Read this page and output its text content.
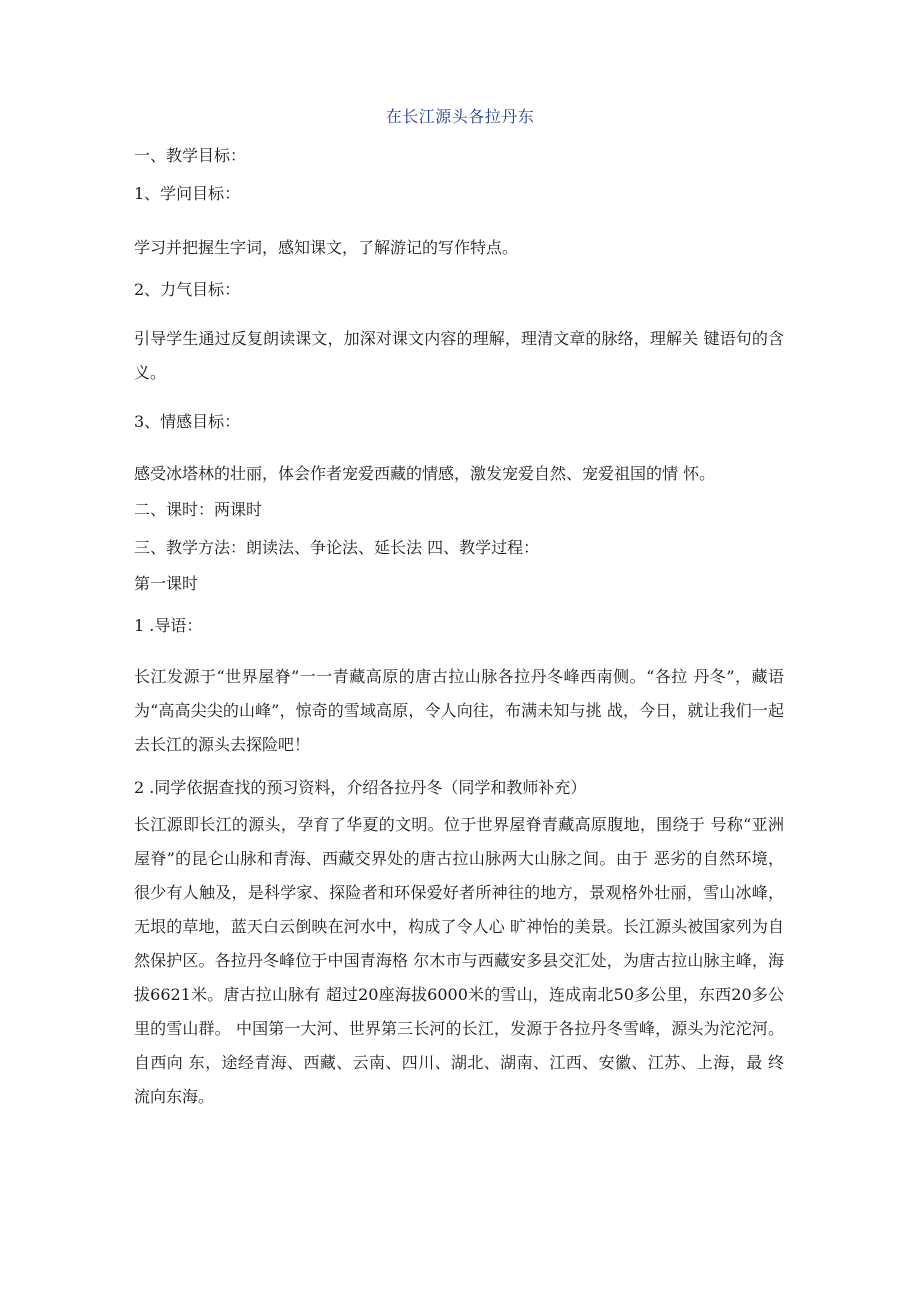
在长江源头各拉丹东
一、教学目标：
1、学问目标：
学习并把握生字词，感知课文，了解游记的写作特点。
2、力气目标：
引导学生通过反复朗读课文，加深对课文内容的理解，理清文章的脉络，理解关 键语句的含义。
3、情感目标：
感受冰塔林的壮丽，体会作者宠爱西藏的情感，激发宠爱自然、宠爱祖国的情 怀。
二、课时：两课时
三、教学方法：朗读法、争论法、延长法 四、教学过程：
第一课时
1 .导语：
长江发源于“世界屋脊”一一青藏高原的唐古拉山脉各拉丹冬峰西南侧。“各拉 丹冬”，藏语为“高高尖尖的山峰”，惊奇的雪域高原，令人向往，布满未知与挑 战，今日，就让我们一起去长江的源头去探险吧！
2 .同学依据查找的预习资料，介绍各拉丹冬（同学和教师补充）
长江源即长江的源头，孕育了华夏的文明。位于世界屋脊青藏高原腹地，围绕于 号称“亚洲屋脊”的昆仑山脉和青海、西藏交界处的唐古拉山脉两大山脉之间。由于 恶劣的自然环境，很少有人触及，是科学家、探险者和环保爱好者所神往的地方，景观格外壮丽，雪山冰峰，无垠的草地，蓝天白云倒映在河水中，构成了令人心 旷神怡的美景。长江源头被国家列为自然保护区。各拉丹冬峰位于中国青海格 尔木市与西藏安多县交汇处，为唐古拉山脉主峰，海拔6621米。唐古拉山脉有 超过20座海拔6000米的雪山，连成南北50多公里，东西20多公里的雪山群。 中国第一大河、世界第三长河的长江，发源于各拉丹冬雪峰，源头为沱沱河。自西向 东，途经青海、西藏、云南、四川、湖北、湖南、江西、安徽、江苏、上海，最 终流向东海。
